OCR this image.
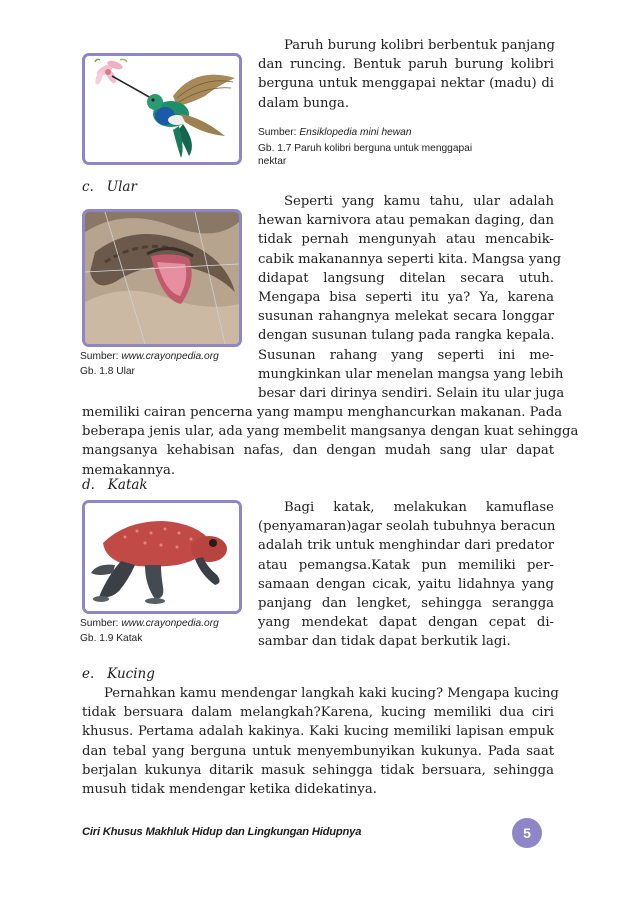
Paruh burung kolibri berbentuk panjang
dan runcing. Bentuk paruh burung kolibri
berguna untuk menggapai nektar (madu) di
dalam bunga.
Sumber: Ensiklopedia mini hewan
Gb. 1.7 Paruh kolibri berguna untuk menggapai
nektar
c.   Ular
Sumber: www.crayonpedia.org
Gb. 1.8 Ular
Seperti yang kamu tahu, ular adalah
hewan karnivora atau pemakan daging, dan
tidak pernah mengunyah atau mencabik-
cabik makanannya seperti kita. Mangsa yang
didapat langsung ditelan secara utuh.
Mengapa bisa seperti itu ya? Ya, karena
susunan rahangnya melekat secara longgar
dengan susunan tulang pada rangka kepala.
Susunan rahang yang seperti ini me-
mungkinkan ular menelan mangsa yang lebih
besar dari dirinya sendiri. Selain itu ular juga
memiliki cairan pencerna yang mampu menghancurkan makanan. Pada
beberapa jenis ular, ada yang membelit mangsanya dengan kuat sehingga
mangsanya kehabisan nafas, dan dengan mudah sang ular dapat
memakannya.
d.   Katak
Sumber: www.crayonpedia.org
Gb. 1.9 Katak
Bagi katak, melakukan kamuflase
(penyamaran)agar seolah tubuhnya beracun
adalah trik untuk menghindar dari predator
atau pemangsa.Katak pun memiliki per-
samaan dengan cicak, yaitu lidahnya yang
panjang dan lengket, sehingga serangga
yang mendekat dapat dengan cepat di-
sambar dan tidak dapat berkutik lagi.
e.   Kucing
Pernahkan kamu mendengar langkah kaki kucing? Mengapa kucing
tidak bersuara dalam melangkah?Karena, kucing memiliki dua ciri
khusus. Pertama adalah kakinya. Kaki kucing memiliki lapisan empuk
dan tebal yang berguna untuk menyembunyikan kukunya. Pada saat
berjalan kukunya ditarik masuk sehingga tidak bersuara, sehingga
musuh tidak mendengar ketika didekatinya.
Ciri Khusus Makhluk Hidup dan Lingkungan Hidupnya	5
